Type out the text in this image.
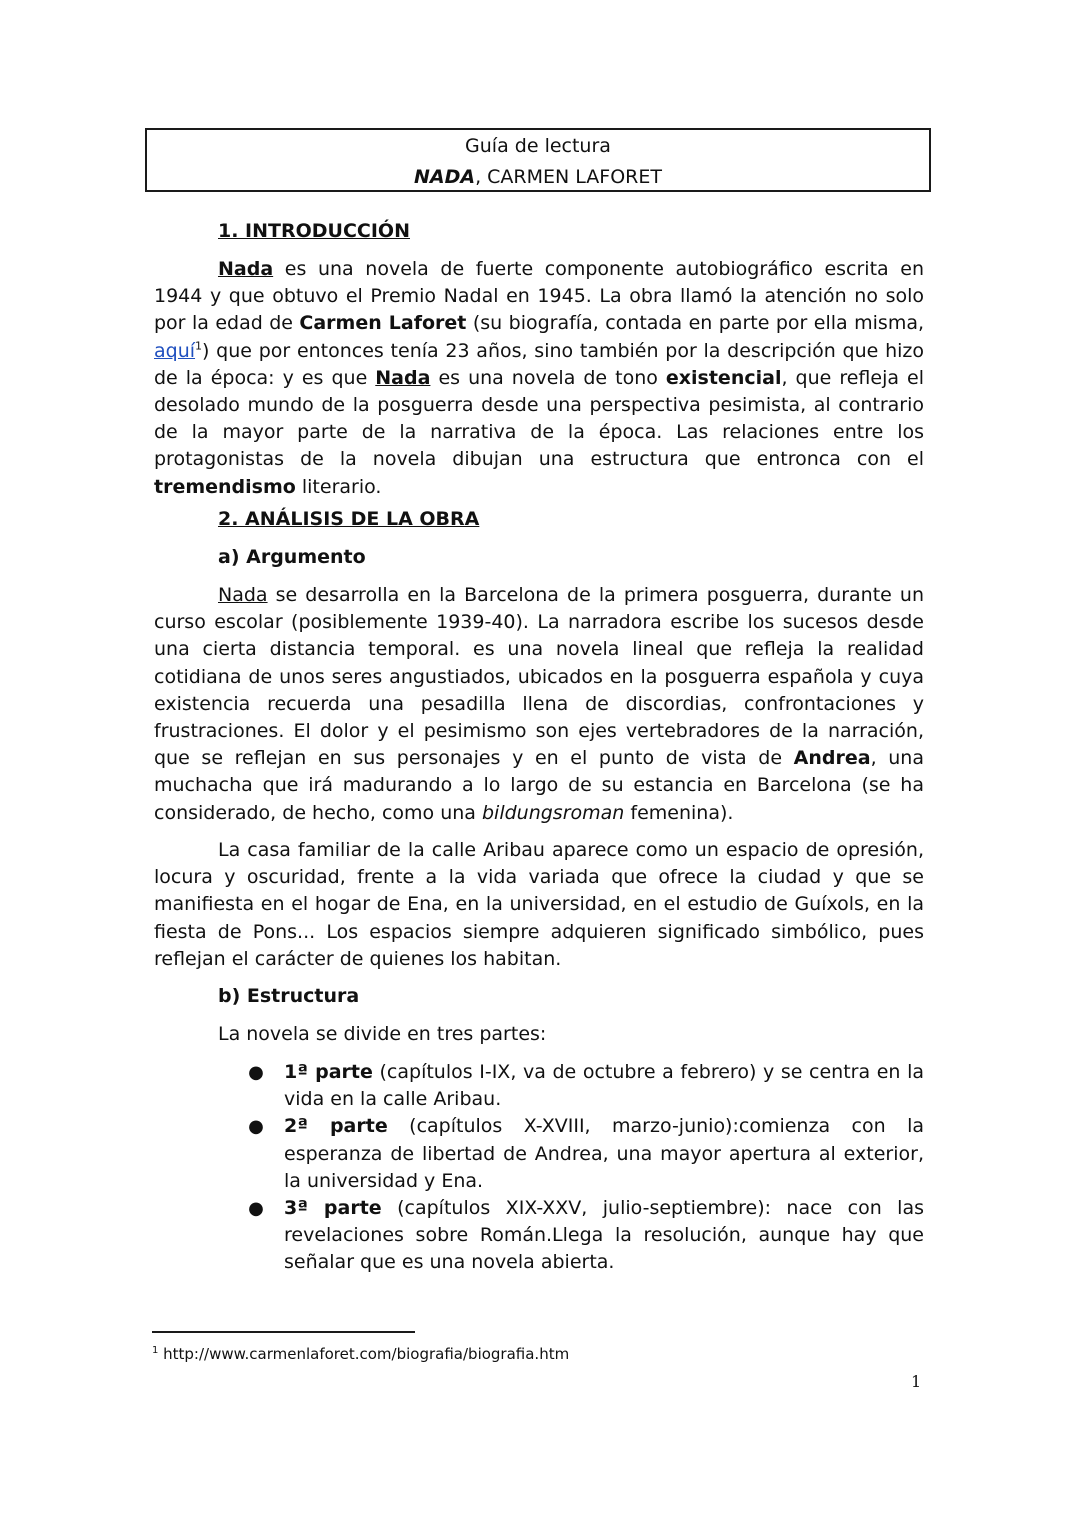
Guía de lectura
NADA, CARMEN LAFORET
1. INTRODUCCIÓN
Nada es una novela de fuerte componente autobiográfico escrita en 1944 y que obtuvo el Premio Nadal en 1945. La obra llamó la atención no solo por la edad de Carmen Laforet (su biografía, contada en parte por ella misma, aquí$^1$) que por entonces tenía 23 años, sino también por la descripción que hizo de la época: y es que Nada es una novela de tono existencial, que refleja el desolado mundo de la posguerra desde una perspectiva pesimista, al contrario de la mayor parte de la narrativa de la época. Las relaciones entre los protagonistas de la novela dibujan una estructura que entronca con el tremendismo literario.
2. ANÁLISIS DE LA OBRA
a) Argumento
Nada se desarrolla en la Barcelona de la primera posguerra, durante un curso escolar (posiblemente 1939-40). La narradora escribe los sucesos desde una cierta distancia temporal. es una novela lineal que refleja la realidad cotidiana de unos seres angustiados, ubicados en la posguerra española y cuya existencia recuerda una pesadilla llena de discordias, confrontaciones y frustraciones. El dolor y el pesimismo son ejes vertebradores de la narración, que se reflejan en sus personajes y en el punto de vista de Andrea, una muchacha que irá madurando a lo largo de su estancia en Barcelona (se ha considerado, de hecho, como una bildungsroman femenina).
La casa familiar de la calle Aribau aparece como un espacio de opresión, locura y oscuridad, frente a la vida variada que ofrece la ciudad y que se manifiesta en el hogar de Ena, en la universidad, en el estudio de Guíxols, en la fiesta de Pons... Los espacios siempre adquieren significado simbólico, pues reflejan el carácter de quienes los habitan.
b) Estructura
La novela se divide en tres partes:
● 1ª parte (capítulos I-IX, va de octubre a febrero) y se centra en la vida en la calle Aribau.
● 2ª parte (capítulos X-XVIII, marzo-junio):comienza con la esperanza de libertad de Andrea, una mayor apertura al exterior, la universidad y Ena.
● 3ª parte (capítulos XIX-XXV, julio-septiembre): nace con las revelaciones sobre Román.Llega la resolución, aunque hay que señalar que es una novela abierta.
$^1$ http://www.carmenlaforet.com/biografia/biografia.htm
1
